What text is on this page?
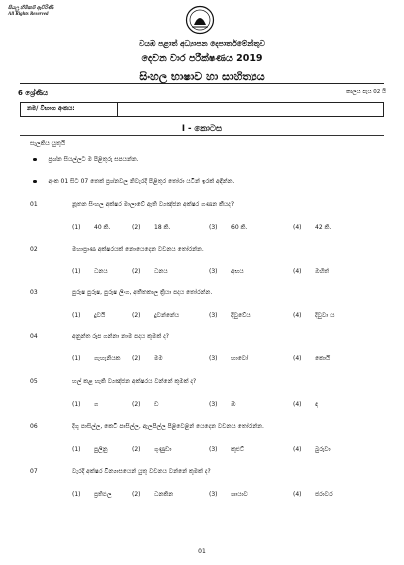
සියලු හිමිකම් ඇවිරිණි
All Rights Reserved
වයඹ පළාත් අධ්‍යාපන දෙපාර්තමේන්තුව
දෙවන වාර පරීක්ෂණය 2019
සිංහල භාෂාව හා සාහිත්‍යය
6 ශ්‍රේණිය	කාලය පැය 02 යි
නම/ විභාග අංකය:
I - කොටස
සැලකිය යුතුයි
ප්‍රශ්න සියල්ලට ම පිළිතුරු සපයන්න.
අංක 01 සිට 07 තෙක් ප්‍රශ්නවල නිවැරදි පිළිතුර තෝරා යටින් ඉරක් අඳින්න.
01	නූතන සිංහල අක්ෂර මාලාවේ ඇති ව්‍යඤ්ජන අක්ෂර ගණන කීයද?
(1) 40 කි.	(2) 18 කි.	(3) 60 කි.	(4) 42 කි.
02	මහාප්‍රාණ අක්ෂරයක් නොයෙදෙන වචනය තෝරන්න.
(1) ධනය	(2) ධනය	(3) අභය	(4) ඔහිත්
03	පුරුෂ පුරුෂ, පුරුෂ ලිංග, අතීතකාල ක්‍රියා පදය තෝරන්න.
(1) දුවයි	(2) දුවන්නේය	(3) දිවුවේය	(4) දිවුවා ය
04	අනුන්ත රූප ගන්නා නාම පදය කුමක් ද?
(1) ගැහැනියක (2) මම	(3) හාවෝ	(4) කොයි
05	හල් කළ හැකි ව්‍යඤ්ජන අක්ෂරය වන්නේ කුමක් ද?
(1) ග	(2) ඩ	(3) ඹ	(4) ඳ
06	දිගු පාසිල්ල, කෙටි පාසිල්ල, ඇලපිල්ල පිළිවෙළින් යෙදෙන වචනය තෝරන්න.
(1) පුලිනු	(2) ගුණුඩා	(3) කුළුට්	(4) බුරුවා
07	වැරදි අක්ෂර වින්‍යාසයෙන් යුතු වචනය වන්නේ කුමක් ද?
(1) ප්‍රතිඵල	(2) ධනකින	(3) ශායාව	(4) ජරාවර
01
